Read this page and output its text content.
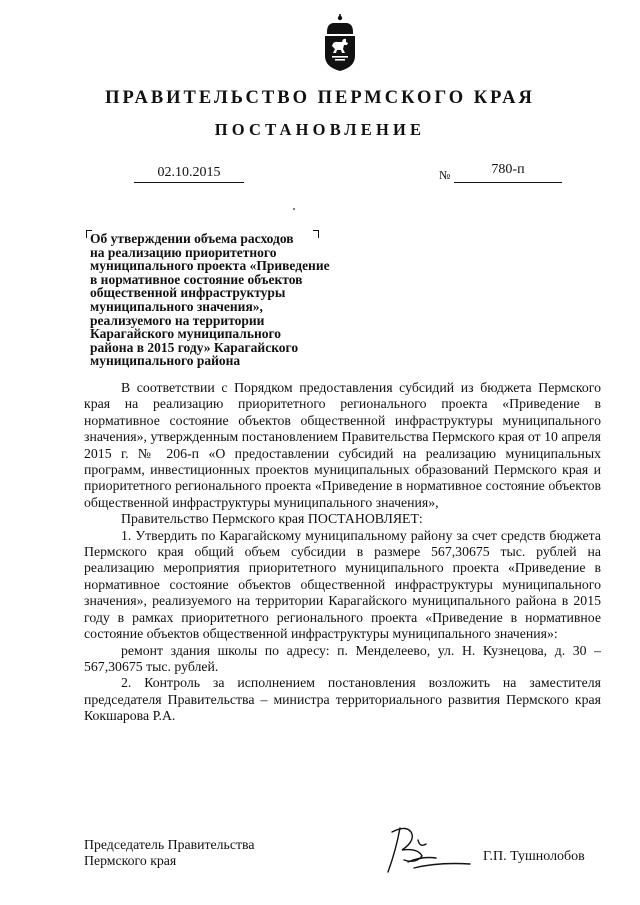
ПРАВИТЕЛЬСТВО ПЕРМСКОГО КРАЯ
ПОСТАНОВЛЕНИЕ
02.10.2015	№	780-п
Об утверждении объема расходов
на реализацию приоритетного
муниципального проекта «Приведение
в нормативное состояние объектов
общественной инфраструктуры
муниципального значения»,
реализуемого на территории
Карагайского муниципального
района в 2015 году» Карагайского
муниципального района

В соответствии с Порядком предоставления субсидий из бюджета Пермского края на реализацию приоритетного регионального проекта «Приведение в нормативное состояние объектов общественной инфраструктуры муниципального значения», утвержденным постановлением Правительства Пермского края от 10 апреля 2015 г. № 206-п «О предоставлении субсидий на реализацию муниципальных программ, инвестиционных проектов муниципальных образований Пермского края и приоритетного регионального проекта «Приведение в нормативное состояние объектов общественной инфраструктуры муниципального значения»,

Правительство Пермского края ПОСТАНОВЛЯЕТ:

1. Утвердить по Карагайскому муниципальному району за счет средств бюджета Пермского края общий объем субсидии в размере 567,30675 тыс. рублей на реализацию мероприятия приоритетного муниципального проекта «Приведение в нормативное состояние объектов общественной инфраструктуры муниципального значения», реализуемого на территории Карагайского муниципального района в 2015 году в рамках приоритетного регионального проекта «Приведение в нормативное состояние объектов общественной инфраструктуры муниципального значения»:

ремонт здания школы по адресу: п. Менделеево, ул. Н. Кузнецова, д. 30 – 567,30675 тыс. рублей.

2. Контроль за исполнением постановления возложить на заместителя председателя Правительства – министра территориального развития Пермского края Кокшарова Р.А.

Председатель Правительства
Пермского края	Г.П. Тушнолобов
